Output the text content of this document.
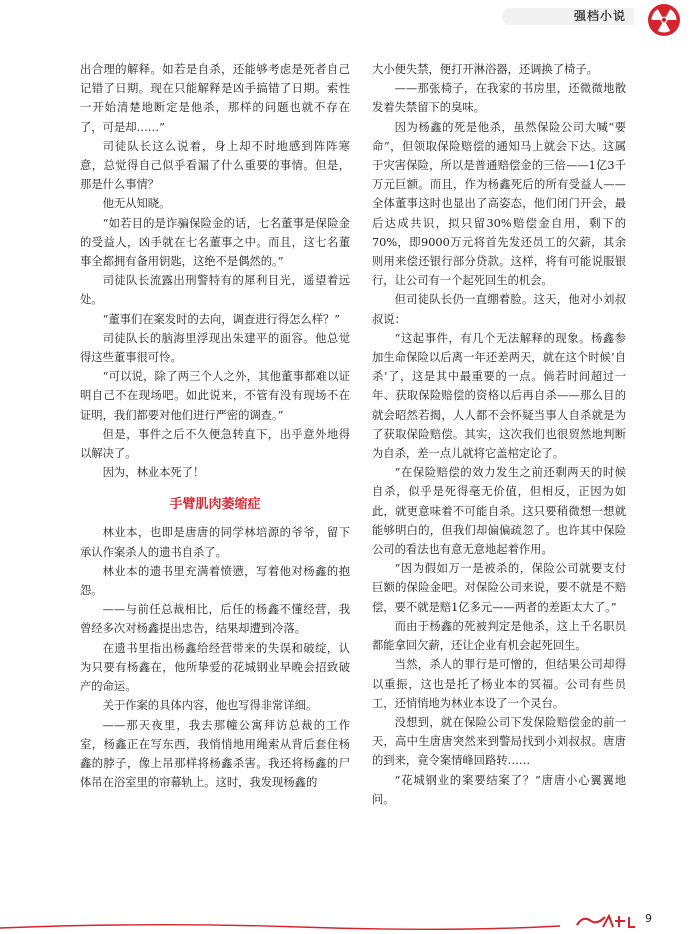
强档小说

出合理的解释。如若是自杀，还能够考虑是死者自己记错了日期。现在只能解释是凶手搞错了日期。索性一开始清楚地断定是他杀，那样的问题也就不存在了，可是却……”

司徒队长这么说着，身上却不时地感到阵阵寒意，总觉得自己似乎看漏了什么重要的事情。但是，那是什么事情？

他无从知晓。

“如若目的是诈骗保险金的话，七名董事是保险金的受益人，凶手就在七名董事之中。而且，这七名董事全都拥有备用钥匙，这绝不是偶然的。”

司徒队长流露出刑警特有的犀利目光，遥望着远处。

“董事们在案发时的去向，调查进行得怎么样？”

司徒队长的脑海里浮现出朱建平的面容。他总觉得这些董事很可怜。

“可以说，除了两三个人之外，其他董事都难以证明自己不在现场吧。如此说来，不管有没有现场不在证明，我们都要对他们进行严密的调查。”

但是，事件之后不久便急转直下，出乎意外地得以解决了。

因为，林业本死了！

手臂肌肉萎缩症

林业本，也即是唐唐的同学林培源的爷爷，留下承认作案杀人的遗书自杀了。

林业本的遗书里充满着愤懑，写着他对杨鑫的抱怨。

——与前任总裁相比，后任的杨鑫不懂经营，我曾经多次对杨鑫提出忠告，结果却遭到冷落。

在遗书里指出杨鑫给经营带来的失误和破绽，认为只要有杨鑫在，他所挚爱的花城钢业早晚会招致破产的命运。

关于作案的具体内容，他也写得非常详细。

——那天夜里，我去那幢公寓拜访总裁的工作室，杨鑫正在写东西，我悄悄地用绳索从背后套住杨鑫的脖子，像上吊那样将杨鑫杀害。我还将杨鑫的尸体吊在浴室里的帘幕轨上。这时，我发现杨鑫的

大小便失禁，便打开淋浴器，还调换了椅子。

——那张椅子，在我家的书房里，还微微地散发着失禁留下的臭味。

因为杨鑫的死是他杀，虽然保险公司大喊“要命”，但领取保险赔偿的通知马上就会下达。这属于灾害保险，所以是普通赔偿金的三倍——1亿3千万元巨额。而且，作为杨鑫死后的所有受益人——全体董事这时也显出了高姿态，他们闭门开会，最后达成共识，拟只留30%赔偿金自用，剩下的70%，即9000万元将首先发还员工的欠薪，其余则用来偿还银行部分贷款。这样，将有可能说服银行，让公司有一个起死回生的机会。

但司徒队长仍一直绷着脸。这天，他对小刘叔叔说：

“这起事件，有几个无法解释的现象。杨鑫参加生命保险以后离一年还差两天，就在这个时候‘自杀’了，这是其中最重要的一点。倘若时间超过一年、获取保险赔偿的资格以后再自杀——那么目的就会昭然若揭，人人都不会怀疑当事人自杀就是为了获取保险赔偿。其实，这次我们也很贸然地判断为自杀，差一点儿就将它盖棺定论了。

“在保险赔偿的效力发生之前还剩两天的时候自杀，似乎是死得毫无价值，但相反，正因为如此，就更意味着不可能自杀。这只要稍微想一想就能够明白的，但我们却偏偏疏忽了。也许其中保险公司的看法也有意无意地起着作用。

“因为假如万一是被杀的，保险公司就要支付巨额的保险金吧。对保险公司来说，要不就是不赔偿，要不就是赔1亿多元——两者的差距太大了。”

而由于杨鑫的死被判定是他杀，这上千名职员都能拿回欠薪，还让企业有机会起死回生。

当然，杀人的罪行是可憎的，但结果公司却得以重振，这也是托了杨业本的冥福。公司有些员工，还悄悄地为林业本设了一个灵台。

没想到，就在保险公司下发保险赔偿金的前一天，高中生唐唐突然来到警局找到小刘叔叔。唐唐的到来，竟令案情峰回路转……

“花城钢业的案要结案了？”唐唐小心翼翼地问。

9
